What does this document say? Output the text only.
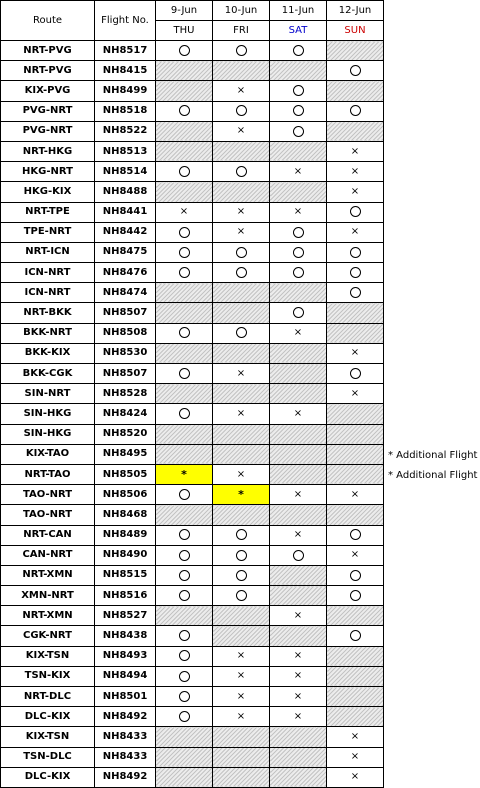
Route	Flight No.	9-Jun	10-Jun	11-Jun	12-Jun
		THU	FRI	SAT	SUN
NRT-PVG	NH8517				
NRT-PVG	NH8415				
KIX-PVG	NH8499		×		
PVG-NRT	NH8518				
PVG-NRT	NH8522		×		
NRT-HKG	NH8513				×
HKG-NRT	NH8514			×	×
HKG-KIX	NH8488				×
NRT-TPE	NH8441	×	×	×	
TPE-NRT	NH8442		×		×
NRT-ICN	NH8475				
ICN-NRT	NH8476				
ICN-NRT	NH8474				
NRT-BKK	NH8507				
BKK-NRT	NH8508			×	
BKK-KIX	NH8530				×
BKK-CGK	NH8507		×		
SIN-NRT	NH8528				×
SIN-HKG	NH8424		×	×	
SIN-HKG	NH8520				
KIX-TAO	NH8495				
NRT-TAO	NH8505	*	×		
TAO-NRT	NH8506		*	×	×
TAO-NRT	NH8468				
NRT-CAN	NH8489			×	
CAN-NRT	NH8490				×
NRT-XMN	NH8515				
XMN-NRT	NH8516				
NRT-XMN	NH8527			×	
CGK-NRT	NH8438				
KIX-TSN	NH8493		×	×	
TSN-KIX	NH8494		×	×	
NRT-DLC	NH8501		×	×	
DLC-KIX	NH8492		×	×	
KIX-TSN	NH8433				×
TSN-DLC	NH8433				×
DLC-KIX	NH8492				×
* Additional Flight
* Additional Flight
